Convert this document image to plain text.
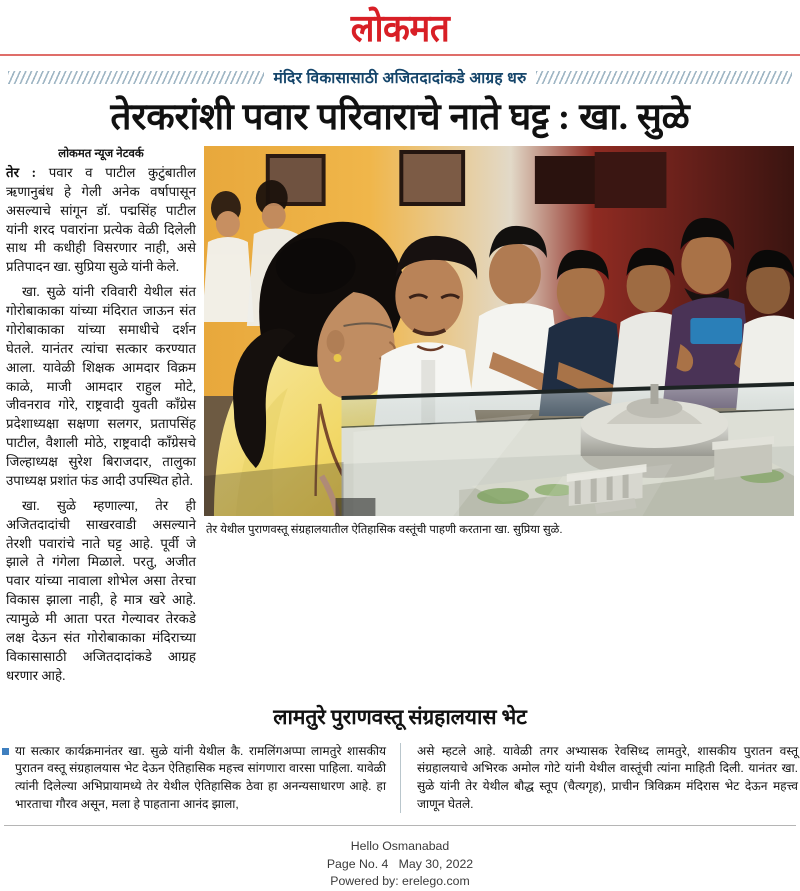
लोकमत
मंदिर विकासासाठी अजितदादांकडे आग्रह धरु
तेरकरांशी पवार परिवाराचे नाते घट्ट : खा. सुळे
लोकमत न्यूज नेटवर्क

तेर : पवार व पाटील कुटुंबातील ऋणानुबंध हे गेली अनेक वर्षापासून असल्याचे सांगून डॉ. पद्मसिंह पाटील यांनी शरद पवारांना प्रत्येक वेळी दिलेली साथ मी कधीही विसरणार नाही, असे प्रतिपादन खा. सुप्रिया सुळे यांनी केले.

खा. सुळे यांनी रविवारी येथील संत गोरोबाकाका यांच्या मंदिरात जाऊन संत गोरोबाकाका यांच्या समाधीचे दर्शन घेतले. यानंतर त्यांचा सत्कार करण्यात आला. यावेळी शिक्षक आमदार विक्रम काळे, माजी आमदार राहुल मोटे, जीवनराव गोरे, राष्ट्रवादी युवती काँग्रेस प्रदेशाध्यक्षा सक्षणा सलगर, प्रतापसिंह पाटील, वैशाली मोठे, राष्ट्रवादी काँग्रेसचे जिल्हाध्यक्ष सुरेश बिराजदार, तालुका उपाध्यक्ष प्रशांत फंड आदी उपस्थित होते.

खा. सुळे म्हणाल्या, तेर ही अजितदादांची साखरवाडी असल्याने तेरशी पवारांचे नाते घट्ट आहे. पूर्वी जे झाले ते गंगेला मिळाले. परतु, अजीत पवार यांच्या नावाला शोभेल असा तेरचा विकास झाला नाही, हे मात्र खरे आहे. त्यामुळे मी आता परत गेल्यावर तेरकडे लक्ष देऊन संत गोरोबाकाका मंदिराच्या विकासासाठी अजितदादांकडे आग्रह धरणार आहे.

तेर येथील पुराणवस्तू संग्रहालयातील ऐतिहासिक वस्तूंची पाहणी करताना खा. सुप्रिया सुळे.
लामतुरे पुराणवस्तू संग्रहालयास भेट
या सत्कार कार्यक्रमानंतर खा. सुळे यांनी येथील कै. रामलिंगअप्पा लामतुरे शासकीय पुरातन वस्तू संग्रहालयास भेट देऊन ऐतिहासिक महत्त्व सांगणारा वारसा पाहिला. यावेळी त्यांनी दिलेल्या अभिप्रायामध्ये तेर येथील ऐतिहासिक ठेवा हा अनन्यसाधारण आहे. हा भारताचा गौरव असून, मला हे पाहताना आनंद झाला,
असे म्हटले आहे. यावेळी तगर अभ्यासक रेवसिध्द लामतुरे, शासकीय पुरातन वस्तू संग्रहालयाचे अभिरक अमोल गोटे यांनी येथील वास्तूंची त्यांना माहिती दिली. यानंतर खा. सुळे यांनी तेर येथील बौद्ध स्तूप (चैत्यगृह), प्राचीन त्रिविक्रम मंदिरास भेट देऊन महत्त्व जाणून घेतले.
Hello Osmanabad
Page No. 4   May 30, 2022
Powered by: erelego.com
